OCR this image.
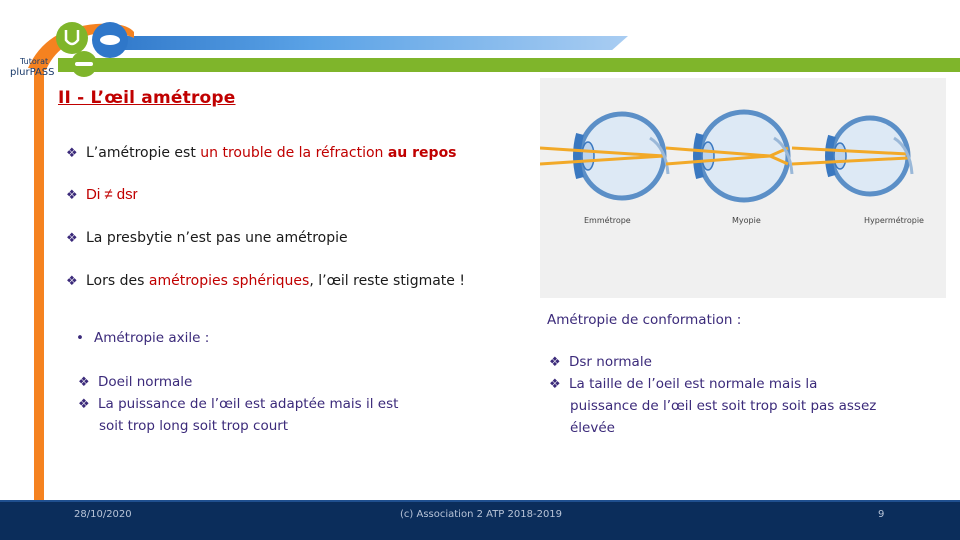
Tutorat
plurPASS
II - L’œil amétrope
❖ L’amétropie est un trouble de la réfraction au repos
❖ Di ≠ dsr
❖ La presbytie n’est pas une amétropie
❖ Lors des amétropies sphériques, l’œil reste stigmate !
Emmétrope	Myopie	Hypermétropie
• Amétropie axile :
❖ Doeil normale
❖ La puissance de l’œil est adaptée mais il est
soit trop long soit trop court
Amétropie de conformation :
❖ Dsr normale
❖ La taille de l’oeil est normale mais la
puissance de l’œil est soit trop soit pas assez
élevée
28/10/2020	(c) Association 2 ATP 2018-2019	9
